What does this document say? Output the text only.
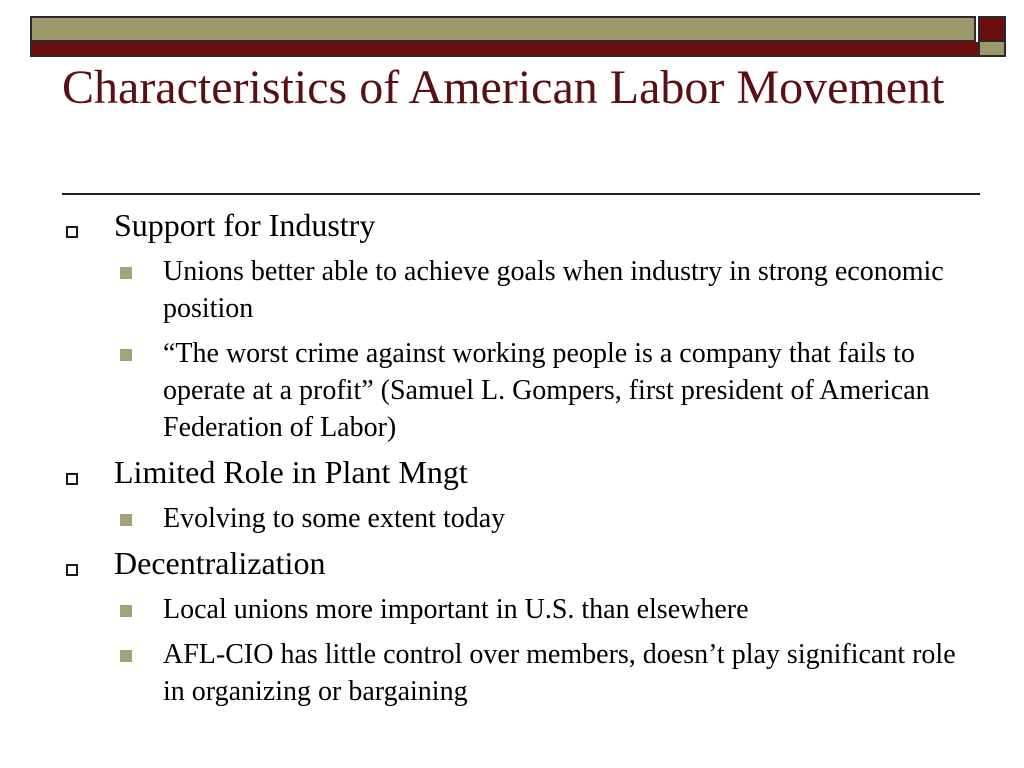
Characteristics of American Labor Movement
Support for Industry
Unions better able to achieve goals when industry in strong economic position
“The worst crime against working people is a company that fails to operate at a profit” (Samuel L. Gompers, first president of American Federation of Labor)
Limited Role in Plant Mngt
Evolving to some extent today
Decentralization
Local unions more important in U.S. than elsewhere
AFL-CIO has little control over members, doesn’t play significant role in organizing or bargaining
